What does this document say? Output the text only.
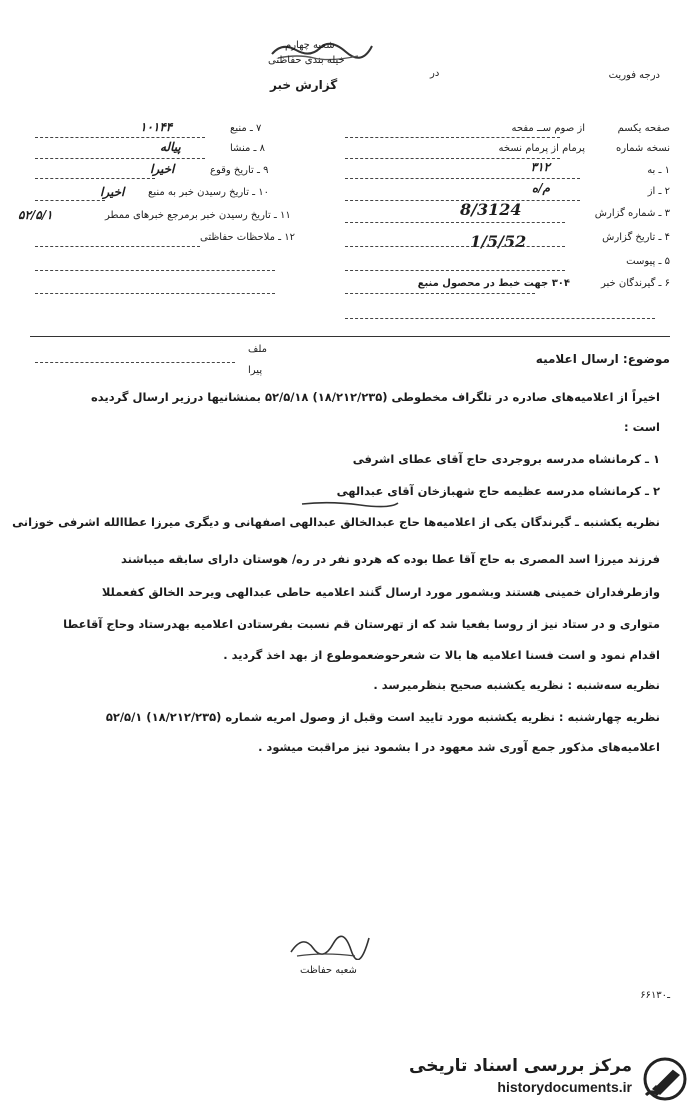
خیله بندی حفاظتی
شعبه چهارم
درجه فوریت
گزارش خبر
در
صفحه یکسم
از صوم ســ مفحه
نسخه شماره
پرمام از پرمام نسخه
۱ ـ به
۳۱۲
۲ ـ از
م/ه
۳ ـ شماره گزارش
۴ ـ تاریخ گزارش
۵ ـ پیوست
۶ ـ گیرندگان خبر
۳۰۴ جهت خبط در محصول منبع
8/3124
1/5/52
۷ ـ منبع
۱۰۱۴۴
۸ ـ منشا
پیاله
۹ ـ تاریخ وقوع
اخیرا
۱۰ ـ تاریخ رسیدن خبر به منبع
اخیرا
۱۱ ـ تاریخ رسیدن خبر برمرجع خبرهای ممطر
۵۲/۵/۱
۱۲ ـ ملاحظات حفاظتی
موضوع: ارسال اعلامیه
ملف
پیرا
اخیراً از اعلامیه‌های صادره در تلگراف مخطوطی (۱۸/۲۱۲/۲۳۵) ۵۲/۵/۱۸ بمنشانیها درزیر ارسال گردیده
است :
۱ ـ کرمانشاه مدرسه بروجردی حاج آقای عطای اشرفی
۲ ـ کرمانشاه مدرسه عظیمه حاج شهبازخان آقای عبدالهی
نظریه یکشنبه ـ گیرندگان یکی از اعلامیه‌ها حاج عبدالخالق عبدالهی اصفهانی و دیگری میرزا عطاالله اشرفی خوزانی
فرزند میرزا اسد المصری به حاج آقا عطا بوده که هردو نفر در ره/ هوستان دارای سابقه میباشند
وازطرفداران خمینی هستند وبشمور مورد ارسال گنند اعلامیه حاطی عبدالهی ویرحد الخالق کفعمللا
متواری و در ستاد نیز از روسا بفعیا شد که از تهرستان قم نسبت بفرستادن اعلامیه بهدرستاد وحاج آقاعطا
اقدام نمود و است فسنا اعلامیه ها بالا ت شعرحوضعموطوع از بهد اخذ گردید .
نظریه سه‌شنبه : نظریه یکشنبه صحیح بنظرمیرسد .
نظریه چهارشنبه : نظریه یکشنبه مورد تایید است وقبل از وصول امریه شماره (۱۸/۲۱۲/۲۳۵) ۵۲/۵/۱
اعلامیه‌های مذکور جمع آوری شد معهود در ا بشمود نیز مراقبت میشود .
شعبه حفاظت
۶۶ـ۱۳۰
مرکز بررسی اسناد تاریخی
historydocuments.ir
